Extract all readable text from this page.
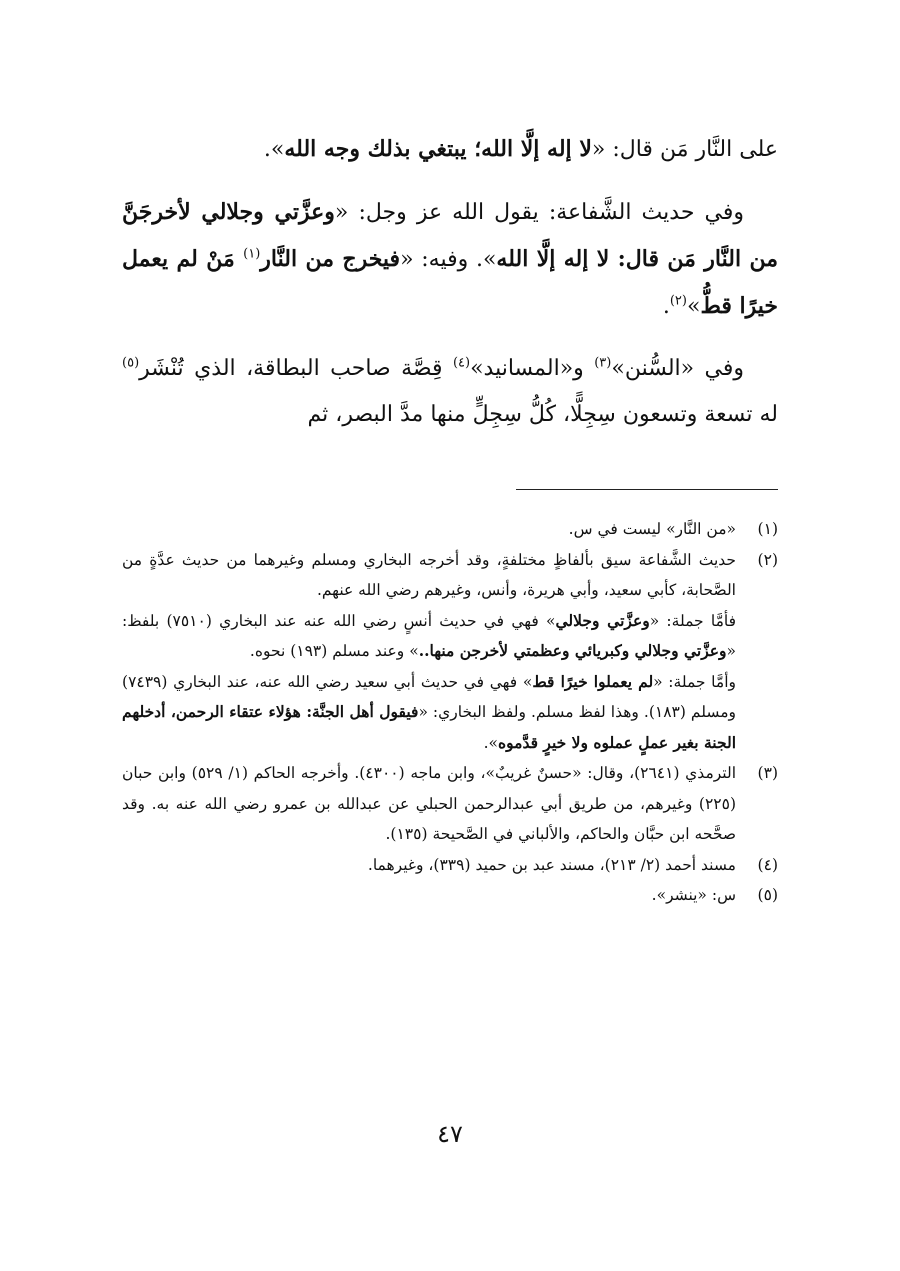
على النَّار مَن قال: «لا إله إلَّا الله؛ يبتغي بذلك وجه الله».

وفي حديث الشَّفاعة: يقول الله عز وجل: «وعزَّتي وجلالي لأخرجَنَّ من النَّار مَن قال: لا إله إلَّا الله». وفيه: «فيخرج من النَّار$^{(١)}$ مَنْ لم يعمل خيرًا قطُّ»$^{(٢)}$.

وفي «السُّنن»$^{(٣)}$ و«المسانيد»$^{(٤)}$ قِصَّة صاحب البطاقة، الذي تُنْشَر$^{(٥)}$ له تسعة وتسعون سِجِلًّا، كُلُّ سِجِلٍّ منها مدَّ البصر، ثم

(١)

«من النَّار» ليست في س.

(٢)

حديث الشَّفاعة سيق بألفاظٍ مختلفةٍ، وقد أخرجه البخاري ومسلم وغيرهما من حديث عدَّةٍ من الصَّحابة، كأبي سعيد، وأبي هريرة، وأنس، وغيرهم رضي الله عنهم.

فأمَّا جملة: «وعزَّتي وجلالي» فهي في حديث أنسٍ رضي الله عنه عند البخاري (٧٥١٠) بلفظ: «وعزَّتي وجلالي وكبريائي وعظمتي لأخرجن منها..» وعند مسلم (١٩٣) نحوه.

وأمَّا جملة: «لم يعملوا خيرًا قط» فهي في حديث أبي سعيد رضي الله عنه، عند البخاري (٧٤٣٩) ومسلم (١٨٣). وهذا لفظ مسلم. ولفظ البخاري: «فيقول أهل الجنَّة: هؤلاء عتقاء الرحمن، أدخلهم الجنة بغير عملٍ عملوه ولا خيرٍ قدَّموه».

(٣)

الترمذي (٢٦٤١)، وقال: «حسنٌ غريبٌ»، وابن ماجه (٤٣٠٠). وأخرجه الحاكم (١/ ٥٢٩) وابن حبان (٢٢٥) وغيرهم، من طريق أبي عبدالرحمن الحبلي عن عبدالله بن عمرو رضي الله عنه به. وقد صحَّحه ابن حبَّان والحاكم، والألباني في الصَّحيحة (١٣٥).

(٤)

مسند أحمد (٢/ ٢١٣)، مسند عبد بن حميد (٣٣٩)، وغيرهما.

(٥)

س: «ينشر».

٤٧
